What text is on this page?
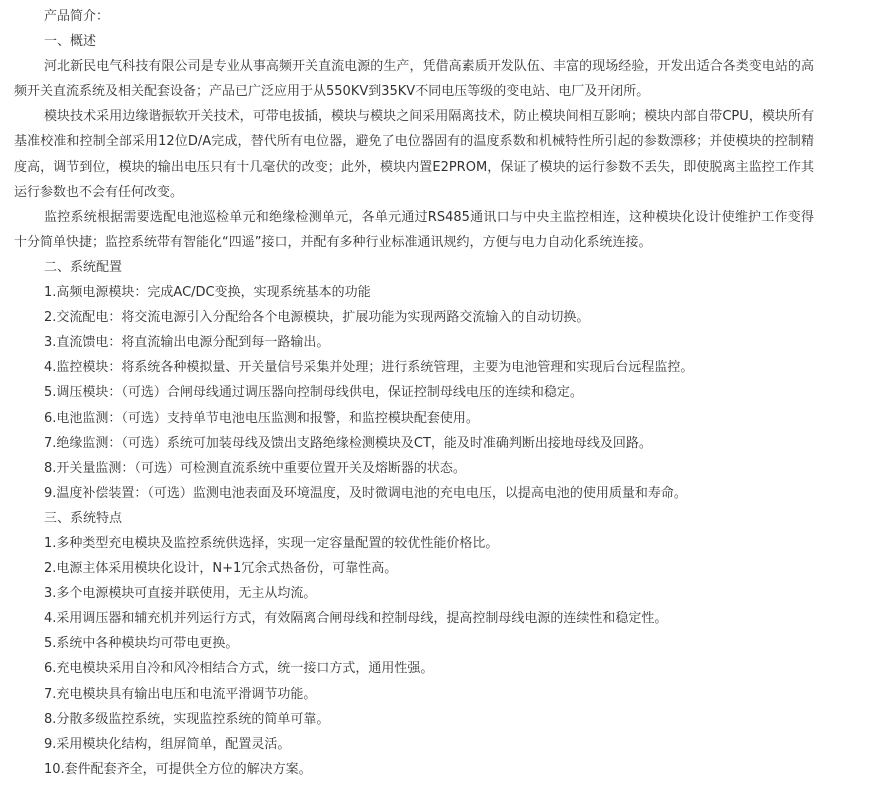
产品简介：
一、概述
河北新民电气科技有限公司是专业从事高频开关直流电源的生产，凭借高素质开发队伍、丰富的现场经验，开发出适合各类变电站的高频开关直流系统及相关配套设备；产品已广泛应用于从550KV到35KV不同电压等级的变电站、电厂及开闭所。
模块技术采用边缘谐振软开关技术，可带电拔插，模块与模块之间采用隔离技术，防止模块间相互影响；模块内部自带CPU，模块所有基准校准和控制全部采用12位D/A完成，替代所有电位器，避免了电位器固有的温度系数和机械特性所引起的参数漂移；并使模块的控制精度高，调节到位，模块的输出电压只有十几毫伏的改变；此外，模块内置E2PROM，保证了模块的运行参数不丢失，即使脱离主监控工作其运行参数也不会有任何改变。
监控系统根据需要选配电池巡检单元和绝缘检测单元，各单元通过RS485通讯口与中央主监控相连，这种模块化设计使维护工作变得十分简单快捷；监控系统带有智能化“四遥”接口，并配有多种行业标准通讯规约，方便与电力自动化系统连接。
二、系统配置
1.高频电源模块：完成AC/DC变换，实现系统基本的功能
2.交流配电：将交流电源引入分配给各个电源模块，扩展功能为实现两路交流输入的自动切换。
3.直流馈电：将直流输出电源分配到每一路输出。
4.监控模块：将系统各种模拟量、开关量信号采集并处理；进行系统管理，主要为电池管理和实现后台远程监控。
5.调压模块：（可选）合闸母线通过调压器向控制母线供电，保证控制母线电压的连续和稳定。
6.电池监测：（可选）支持单节电池电压监测和报警，和监控模块配套使用。
7.绝缘监测：（可选）系统可加装母线及馈出支路绝缘检测模块及CT，能及时准确判断出接地母线及回路。
8.开关量监测：（可选）可检测直流系统中重要位置开关及熔断器的状态。
9.温度补偿装置：（可选）监测电池表面及环境温度，及时微调电池的充电电压，以提高电池的使用质量和寿命。
三、系统特点
1.多种类型充电模块及监控系统供选择，实现一定容量配置的较优性能价格比。
2.电源主体采用模块化设计，N+1冗余式热备份，可靠性高。
3.多个电源模块可直接并联使用，无主从均流。
4.采用调压器和辅充机并列运行方式，有效隔离合闸母线和控制母线，提高控制母线电源的连续性和稳定性。
5.系统中各种模块均可带电更换。
6.充电模块采用自冷和风冷相结合方式，统一接口方式，通用性强。
7.充电模块具有输出电压和电流平滑调节功能。
8.分散多级监控系统，实现监控系统的简单可靠。
9.采用模块化结构，组屏简单，配置灵活。
10.套件配套齐全，可提供全方位的解决方案。
